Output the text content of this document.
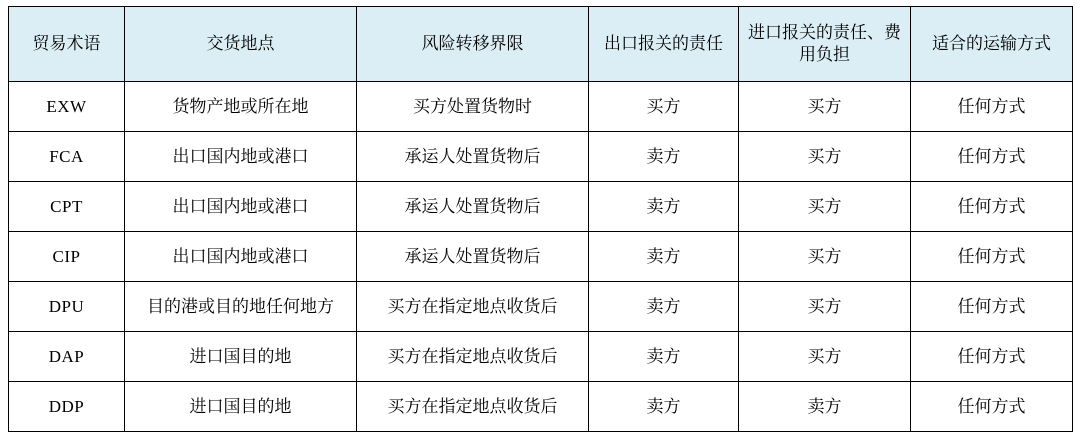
贸易术语	交货地点	风险转移界限	出口报关的责任	进口报关的责任、费用负担	适合的运输方式
EXW	货物产地或所在地	买方处置货物时	买方	买方	任何方式
FCA	出口国内地或港口	承运人处置货物后	卖方	买方	任何方式
CPT	出口国内地或港口	承运人处置货物后	卖方	买方	任何方式
CIP	出口国内地或港口	承运人处置货物后	卖方	买方	任何方式
DPU	目的港或目的地任何地方	买方在指定地点收货后	卖方	买方	任何方式
DAP	进口国目的地	买方在指定地点收货后	卖方	买方	任何方式
DDP	进口国目的地	买方在指定地点收货后	卖方	卖方	任何方式
